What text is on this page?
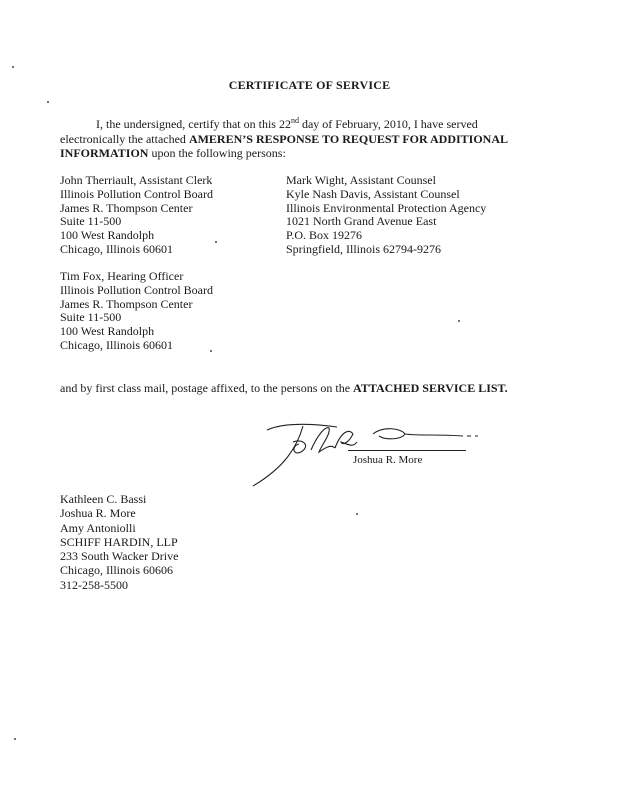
CERTIFICATE OF SERVICE
I, the undersigned, certify that on this 22nd day of February, 2010, I have served electronically the attached AMEREN’S RESPONSE TO REQUEST FOR ADDITIONAL INFORMATION upon the following persons:
John Therriault, Assistant Clerk
Illinois Pollution Control Board
James R. Thompson Center
Suite 11-500
100 West Randolph
Chicago, Illinois 60601
Mark Wight, Assistant Counsel
Kyle Nash Davis, Assistant Counsel
Illinois Environmental Protection Agency
1021 North Grand Avenue East
P.O. Box 19276
Springfield, Illinois 62794-9276
Tim Fox, Hearing Officer
Illinois Pollution Control Board
James R. Thompson Center
Suite 11-500
100 West Randolph
Chicago, Illinois 60601
and by first class mail, postage affixed, to the persons on the ATTACHED SERVICE LIST.
Joshua R. More
Kathleen C. Bassi
Joshua R. More
Amy Antoniolli
SCHIFF HARDIN, LLP
233 South Wacker Drive
Chicago, Illinois 60606
312-258-5500
